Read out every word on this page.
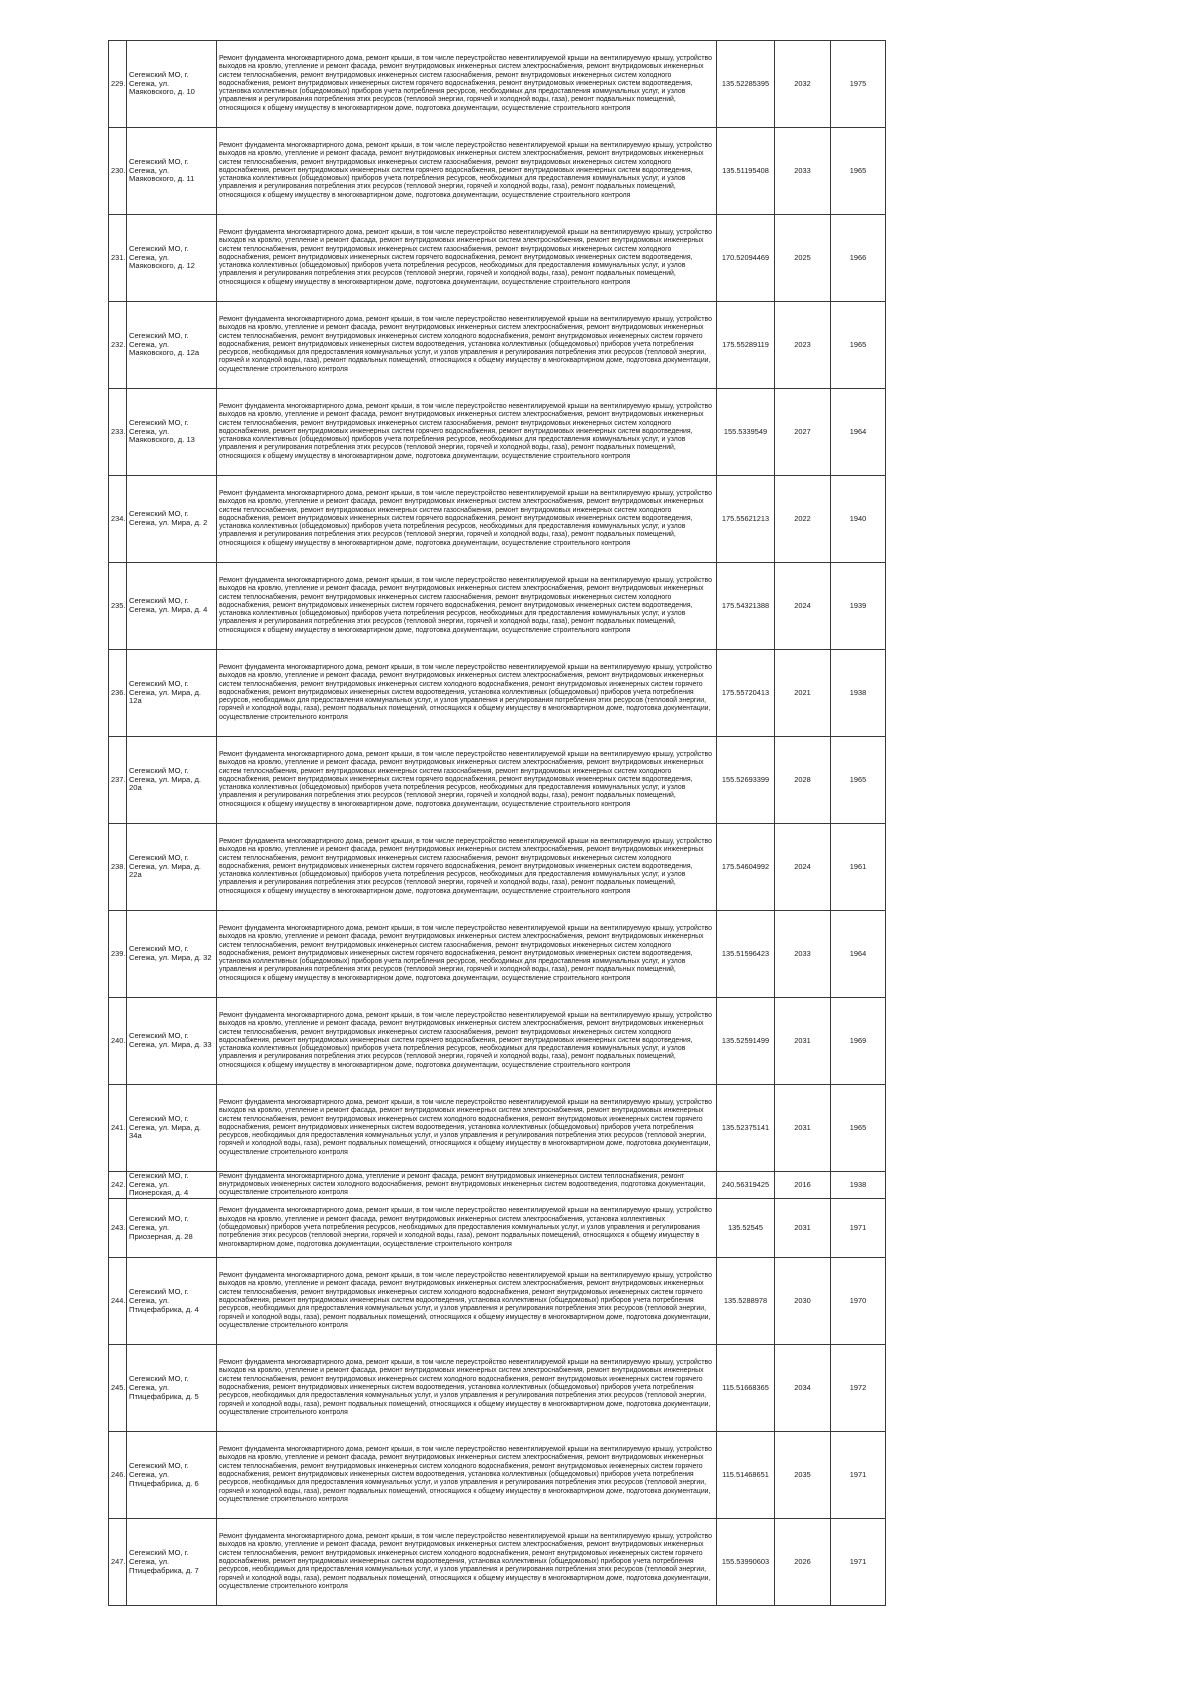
229.	Сегежский МО, г. Сегежа, ул. Маяковского, д. 10	Ремонт фундамента многоквартирного дома, ремонт крыши, в том числе переустройство невентилируемой крыши на вентилируемую крышу, устройство выходов на кровлю, утепление и ремонт фасада, ремонт внутридомовых инженерных систем электроснабжения, ремонт внутридомовых инженерных систем теплоснабжения, ремонт внутридомовых инженерных систем газоснабжения, ремонт внутридомовых инженерных систем холодного водоснабжения, ремонт внутридомовых инженерных систем горячего водоснабжения, ремонт внутридомовых инженерных систем водоотведения, установка коллективных (общедомовых) приборов учета потребления ресурсов, необходимых для предоставления коммунальных услуг, и узлов управления и регулирования потребления этих ресурсов (тепловой энергии, горячей и холодной воды, газа), ремонт подвальных помещений, относящихся к общему имуществу в многоквартирном доме, подготовка документации, осуществление строительного контроля	135.52285395	2032	1975
230.	Сегежский МО, г. Сегежа, ул. Маяковского, д. 11	Ремонт фундамента многоквартирного дома, ремонт крыши, в том числе переустройство невентилируемой крыши на вентилируемую крышу, устройство выходов на кровлю, утепление и ремонт фасада, ремонт внутридомовых инженерных систем электроснабжения, ремонт внутридомовых инженерных систем теплоснабжения, ремонт внутридомовых инженерных систем газоснабжения, ремонт внутридомовых инженерных систем холодного водоснабжения, ремонт внутридомовых инженерных систем горячего водоснабжения, ремонт внутридомовых инженерных систем водоотведения, установка коллективных (общедомовых) приборов учета потребления ресурсов, необходимых для предоставления коммунальных услуг, и узлов управления и регулирования потребления этих ресурсов (тепловой энергии, горячей и холодной воды, газа), ремонт подвальных помещений, относящихся к общему имуществу в многоквартирном доме, подготовка документации, осуществление строительного контроля	135.51195408	2033	1965
231.	Сегежский МО, г. Сегежа, ул. Маяковского, д. 12	Ремонт фундамента многоквартирного дома, ремонт крыши, в том числе переустройство невентилируемой крыши на вентилируемую крышу, устройство выходов на кровлю, утепление и ремонт фасада, ремонт внутридомовых инженерных систем электроснабжения, ремонт внутридомовых инженерных систем теплоснабжения, ремонт внутридомовых инженерных систем газоснабжения, ремонт внутридомовых инженерных систем холодного водоснабжения, ремонт внутридомовых инженерных систем горячего водоснабжения, ремонт внутридомовых инженерных систем водоотведения, установка коллективных (общедомовых) приборов учета потребления ресурсов, необходимых для предоставления коммунальных услуг, и узлов управления и регулирования потребления этих ресурсов (тепловой энергии, горячей и холодной воды, газа), ремонт подвальных помещений, относящихся к общему имуществу в многоквартирном доме, подготовка документации, осуществление строительного контроля	170.52094469	2025	1966
232.	Сегежский МО, г. Сегежа, ул. Маяковского, д. 12а	Ремонт фундамента многоквартирного дома, ремонт крыши, в том числе переустройство невентилируемой крыши на вентилируемую крышу, устройство выходов на кровлю, утепление и ремонт фасада, ремонт внутридомовых инженерных систем электроснабжения, ремонт внутридомовых инженерных систем теплоснабжения, ремонт внутридомовых инженерных систем холодного водоснабжения, ремонт внутридомовых инженерных систем горячего водоснабжения, ремонт внутридомовых инженерных систем водоотведения, установка коллективных (общедомовых) приборов учета потребления ресурсов, необходимых для предоставления коммунальных услуг, и узлов управления и регулирования потребления этих ресурсов (тепловой энергии, горячей и холодной воды, газа), ремонт подвальных помещений, относящихся к общему имуществу в многоквартирном доме, подготовка документации, осуществление строительного контроля	175.55289119	2023	1965
233.	Сегежский МО, г. Сегежа, ул. Маяковского, д. 13	Ремонт фундамента многоквартирного дома, ремонт крыши, в том числе переустройство невентилируемой крыши на вентилируемую крышу, устройство выходов на кровлю, утепление и ремонт фасада, ремонт внутридомовых инженерных систем электроснабжения, ремонт внутридомовых инженерных систем теплоснабжения, ремонт внутридомовых инженерных систем газоснабжения, ремонт внутридомовых инженерных систем холодного водоснабжения, ремонт внутридомовых инженерных систем горячего водоснабжения, ремонт внутридомовых инженерных систем водоотведения, установка коллективных (общедомовых) приборов учета потребления ресурсов, необходимых для предоставления коммунальных услуг, и узлов управления и регулирования потребления этих ресурсов (тепловой энергии, горячей и холодной воды, газа), ремонт подвальных помещений, относящихся к общему имуществу в многоквартирном доме, подготовка документации, осуществление строительного контроля	155.5339549	2027	1964
234.	Сегежский МО, г. Сегежа, ул. Мира, д. 2	Ремонт фундамента многоквартирного дома, ремонт крыши, в том числе переустройство невентилируемой крыши на вентилируемую крышу, устройство выходов на кровлю, утепление и ремонт фасада, ремонт внутридомовых инженерных систем электроснабжения, ремонт внутридомовых инженерных систем теплоснабжения, ремонт внутридомовых инженерных систем газоснабжения, ремонт внутридомовых инженерных систем холодного водоснабжения, ремонт внутридомовых инженерных систем горячего водоснабжения, ремонт внутридомовых инженерных систем водоотведения, установка коллективных (общедомовых) приборов учета потребления ресурсов, необходимых для предоставления коммунальных услуг, и узлов управления и регулирования потребления этих ресурсов (тепловой энергии, горячей и холодной воды, газа), ремонт подвальных помещений, относящихся к общему имуществу в многоквартирном доме, подготовка документации, осуществление строительного контроля	175.55621213	2022	1940
235.	Сегежский МО, г. Сегежа, ул. Мира, д. 4	Ремонт фундамента многоквартирного дома, ремонт крыши, в том числе переустройство невентилируемой крыши на вентилируемую крышу, устройство выходов на кровлю, утепление и ремонт фасада, ремонт внутридомовых инженерных систем электроснабжения, ремонт внутридомовых инженерных систем теплоснабжения, ремонт внутридомовых инженерных систем газоснабжения, ремонт внутридомовых инженерных систем холодного водоснабжения, ремонт внутридомовых инженерных систем горячего водоснабжения, ремонт внутридомовых инженерных систем водоотведения, установка коллективных (общедомовых) приборов учета потребления ресурсов, необходимых для предоставления коммунальных услуг, и узлов управления и регулирования потребления этих ресурсов (тепловой энергии, горячей и холодной воды, газа), ремонт подвальных помещений, относящихся к общему имуществу в многоквартирном доме, подготовка документации, осуществление строительного контроля	175.54321388	2024	1939
236.	Сегежский МО, г. Сегежа, ул. Мира, д. 12а	Ремонт фундамента многоквартирного дома, ремонт крыши, в том числе переустройство невентилируемой крыши на вентилируемую крышу, устройство выходов на кровлю, утепление и ремонт фасада, ремонт внутридомовых инженерных систем электроснабжения, ремонт внутридомовых инженерных систем теплоснабжения, ремонт внутридомовых инженерных систем холодного водоснабжения, ремонт внутридомовых инженерных систем горячего водоснабжения, ремонт внутридомовых инженерных систем водоотведения, установка коллективных (общедомовых) приборов учета потребления ресурсов, необходимых для предоставления коммунальных услуг, и узлов управления и регулирования потребления этих ресурсов (тепловой энергии, горячей и холодной воды, газа), ремонт подвальных помещений, относящихся к общему имуществу в многоквартирном доме, подготовка документации, осуществление строительного контроля	175.55720413	2021	1938
237.	Сегежский МО, г. Сегежа, ул. Мира, д. 20а	Ремонт фундамента многоквартирного дома, ремонт крыши, в том числе переустройство невентилируемой крыши на вентилируемую крышу, устройство выходов на кровлю, утепление и ремонт фасада, ремонт внутридомовых инженерных систем электроснабжения, ремонт внутридомовых инженерных систем теплоснабжения, ремонт внутридомовых инженерных систем газоснабжения, ремонт внутридомовых инженерных систем холодного водоснабжения, ремонт внутридомовых инженерных систем горячего водоснабжения, ремонт внутридомовых инженерных систем водоотведения, установка коллективных (общедомовых) приборов учета потребления ресурсов, необходимых для предоставления коммунальных услуг, и узлов управления и регулирования потребления этих ресурсов (тепловой энергии, горячей и холодной воды, газа), ремонт подвальных помещений, относящихся к общему имуществу в многоквартирном доме, подготовка документации, осуществление строительного контроля	155.52693399	2028	1965
238.	Сегежский МО, г. Сегежа, ул. Мира, д. 22а	Ремонт фундамента многоквартирного дома, ремонт крыши, в том числе переустройство невентилируемой крыши на вентилируемую крышу, устройство выходов на кровлю, утепление и ремонт фасада, ремонт внутридомовых инженерных систем электроснабжения, ремонт внутридомовых инженерных систем теплоснабжения, ремонт внутридомовых инженерных систем газоснабжения, ремонт внутридомовых инженерных систем холодного водоснабжения, ремонт внутридомовых инженерных систем горячего водоснабжения, ремонт внутридомовых инженерных систем водоотведения, установка коллективных (общедомовых) приборов учета потребления ресурсов, необходимых для предоставления коммунальных услуг, и узлов управления и регулирования потребления этих ресурсов (тепловой энергии, горячей и холодной воды, газа), ремонт подвальных помещений, относящихся к общему имуществу в многоквартирном доме, подготовка документации, осуществление строительного контроля	175.54604992	2024	1961
239.	Сегежский МО, г. Сегежа, ул. Мира, д. 32	Ремонт фундамента многоквартирного дома, ремонт крыши, в том числе переустройство невентилируемой крыши на вентилируемую крышу, устройство выходов на кровлю, утепление и ремонт фасада, ремонт внутридомовых инженерных систем электроснабжения, ремонт внутридомовых инженерных систем теплоснабжения, ремонт внутридомовых инженерных систем газоснабжения, ремонт внутридомовых инженерных систем холодного водоснабжения, ремонт внутридомовых инженерных систем горячего водоснабжения, ремонт внутридомовых инженерных систем водоотведения, установка коллективных (общедомовых) приборов учета потребления ресурсов, необходимых для предоставления коммунальных услуг, и узлов управления и регулирования потребления этих ресурсов (тепловой энергии, горячей и холодной воды, газа), ремонт подвальных помещений, относящихся к общему имуществу в многоквартирном доме, подготовка документации, осуществление строительного контроля	135.51596423	2033	1964
240.	Сегежский МО, г. Сегежа, ул. Мира, д. 33	Ремонт фундамента многоквартирного дома, ремонт крыши, в том числе переустройство невентилируемой крыши на вентилируемую крышу, устройство выходов на кровлю, утепление и ремонт фасада, ремонт внутридомовых инженерных систем электроснабжения, ремонт внутридомовых инженерных систем теплоснабжения, ремонт внутридомовых инженерных систем газоснабжения, ремонт внутридомовых инженерных систем холодного водоснабжения, ремонт внутридомовых инженерных систем горячего водоснабжения, ремонт внутридомовых инженерных систем водоотведения, установка коллективных (общедомовых) приборов учета потребления ресурсов, необходимых для предоставления коммунальных услуг, и узлов управления и регулирования потребления этих ресурсов (тепловой энергии, горячей и холодной воды, газа), ремонт подвальных помещений, относящихся к общему имуществу в многоквартирном доме, подготовка документации, осуществление строительного контроля	135.52591499	2031	1969
241.	Сегежский МО, г. Сегежа, ул. Мира, д. 34а	Ремонт фундамента многоквартирного дома, ремонт крыши, в том числе переустройство невентилируемой крыши на вентилируемую крышу, устройство выходов на кровлю, утепление и ремонт фасада, ремонт внутридомовых инженерных систем электроснабжения, ремонт внутридомовых инженерных систем теплоснабжения, ремонт внутридомовых инженерных систем холодного водоснабжения, ремонт внутридомовых инженерных систем горячего водоснабжения, ремонт внутридомовых инженерных систем водоотведения, установка коллективных (общедомовых) приборов учета потребления ресурсов, необходимых для предоставления коммунальных услуг, и узлов управления и регулирования потребления этих ресурсов (тепловой энергии, горячей и холодной воды, газа), ремонт подвальных помещений, относящихся к общему имуществу в многоквартирном доме, подготовка документации, осуществление строительного контроля	135.52375141	2031	1965
242.	Сегежский МО, г. Сегежа, ул. Пионерская, д. 4	Ремонт фундамента многоквартирного дома, утепление и ремонт фасада, ремонт внутридомовых инженерных систем теплоснабжения, ремонт внутридомовых инженерных систем холодного водоснабжения, ремонт внутридомовых инженерных систем водоотведения, подготовка документации, осуществление строительного контроля	240.56319425	2016	1938
243.	Сегежский МО, г. Сегежа, ул. Приозерная, д. 28	Ремонт фундамента многоквартирного дома, ремонт крыши, в том числе переустройство невентилируемой крыши на вентилируемую крышу, устройство выходов на кровлю, утепление и ремонт фасада, ремонт внутридомовых инженерных систем электроснабжения, установка коллективных (общедомовых) приборов учета потребления ресурсов, необходимых для предоставления коммунальных услуг, и узлов управления и регулирования потребления этих ресурсов (тепловой энергии, горячей и холодной воды, газа), ремонт подвальных помещений, относящихся к общему имуществу в многоквартирном доме, подготовка документации, осуществление строительного контроля	135.52545	2031	1971
244.	Сегежский МО, г. Сегежа, ул. Птицефабрика, д. 4	Ремонт фундамента многоквартирного дома, ремонт крыши, в том числе переустройство невентилируемой крыши на вентилируемую крышу, устройство выходов на кровлю, утепление и ремонт фасада, ремонт внутридомовых инженерных систем электроснабжения, ремонт внутридомовых инженерных систем теплоснабжения, ремонт внутридомовых инженерных систем холодного водоснабжения, ремонт внутридомовых инженерных систем горячего водоснабжения, ремонт внутридомовых инженерных систем водоотведения, установка коллективных (общедомовых) приборов учета потребления ресурсов, необходимых для предоставления коммунальных услуг, и узлов управления и регулирования потребления этих ресурсов (тепловой энергии, горячей и холодной воды, газа), ремонт подвальных помещений, относящихся к общему имуществу в многоквартирном доме, подготовка документации, осуществление строительного контроля	135.5288978	2030	1970
245.	Сегежский МО, г. Сегежа, ул. Птицефабрика, д. 5	Ремонт фундамента многоквартирного дома, ремонт крыши, в том числе переустройство невентилируемой крыши на вентилируемую крышу, устройство выходов на кровлю, утепление и ремонт фасада, ремонт внутридомовых инженерных систем электроснабжения, ремонт внутридомовых инженерных систем теплоснабжения, ремонт внутридомовых инженерных систем холодного водоснабжения, ремонт внутридомовых инженерных систем горячего водоснабжения, ремонт внутридомовых инженерных систем водоотведения, установка коллективных (общедомовых) приборов учета потребления ресурсов, необходимых для предоставления коммунальных услуг, и узлов управления и регулирования потребления этих ресурсов (тепловой энергии, горячей и холодной воды, газа), ремонт подвальных помещений, относящихся к общему имуществу в многоквартирном доме, подготовка документации, осуществление строительного контроля	115.51668365	2034	1972
246.	Сегежский МО, г. Сегежа, ул. Птицефабрика, д. 6	Ремонт фундамента многоквартирного дома, ремонт крыши, в том числе переустройство невентилируемой крыши на вентилируемую крышу, устройство выходов на кровлю, утепление и ремонт фасада, ремонт внутридомовых инженерных систем электроснабжения, ремонт внутридомовых инженерных систем теплоснабжения, ремонт внутридомовых инженерных систем холодного водоснабжения, ремонт внутридомовых инженерных систем горячего водоснабжения, ремонт внутридомовых инженерных систем водоотведения, установка коллективных (общедомовых) приборов учета потребления ресурсов, необходимых для предоставления коммунальных услуг, и узлов управления и регулирования потребления этих ресурсов (тепловой энергии, горячей и холодной воды, газа), ремонт подвальных помещений, относящихся к общему имуществу в многоквартирном доме, подготовка документации, осуществление строительного контроля	115.51468651	2035	1971
247.	Сегежский МО, г. Сегежа, ул. Птицефабрика, д. 7	Ремонт фундамента многоквартирного дома, ремонт крыши, в том числе переустройство невентилируемой крыши на вентилируемую крышу, устройство выходов на кровлю, утепление и ремонт фасада, ремонт внутридомовых инженерных систем электроснабжения, ремонт внутридомовых инженерных систем теплоснабжения, ремонт внутридомовых инженерных систем холодного водоснабжения, ремонт внутридомовых инженерных систем горячего водоснабжения, ремонт внутридомовых инженерных систем водоотведения, установка коллективных (общедомовых) приборов учета потребления ресурсов, необходимых для предоставления коммунальных услуг, и узлов управления и регулирования потребления этих ресурсов (тепловой энергии, горячей и холодной воды, газа), ремонт подвальных помещений, относящихся к общему имуществу в многоквартирном доме, подготовка документации, осуществление строительного контроля	155.53990603	2026	1971
